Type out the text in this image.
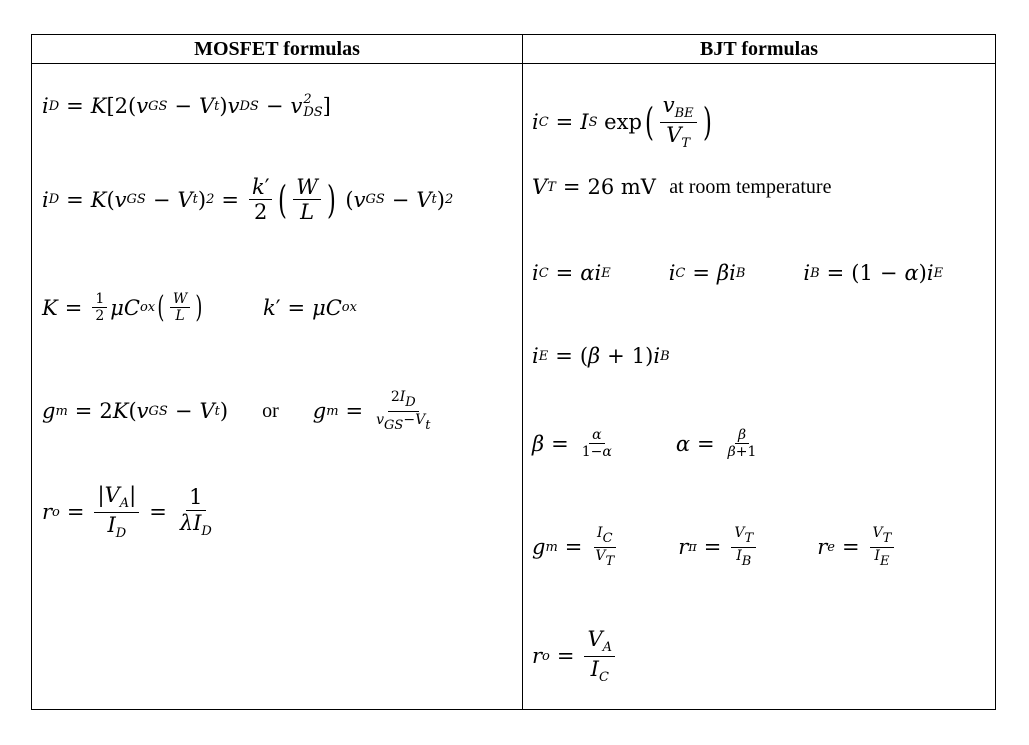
MOSFET formulas	BJT formulas
i D = K [2( v GS − V t ) v DS − v 2
DS ]
i D = K ( v GS − V t ) $2 = \frac{k'}{2}$ ( $\frac{W}{L}$ ) ( v GS − V t ) 2
$K = \frac{1}{2}$ μC ox ( $\frac{W}{L}$ )	k ′ = μC ox
g m = 2 K ( v GS − V t ) or g $m = \frac{2I_D}{v_{GS}-V_t}$
r $o = \frac{|V_A|}{I_D} = \frac{1}{\lambda I_D}$
i C = I S
exp ( $\frac{v_{BE}}{V_T}$ )
V T = 26 mV
at room temperature
i C = αi E	i C = βi B	i B = (1 − α ) i E
i E = ( β + 1) i B
$\beta = \frac{\alpha}{1-\alpha}$	$\alpha = \frac{\beta}{\beta+1}$
g $m = \frac{I_C}{V_T}$	r $\pi = \frac{V_T}{I_B}$	r $e = \frac{V_T}{I_E}$
r $o = \frac{V_A}{I_C}$
